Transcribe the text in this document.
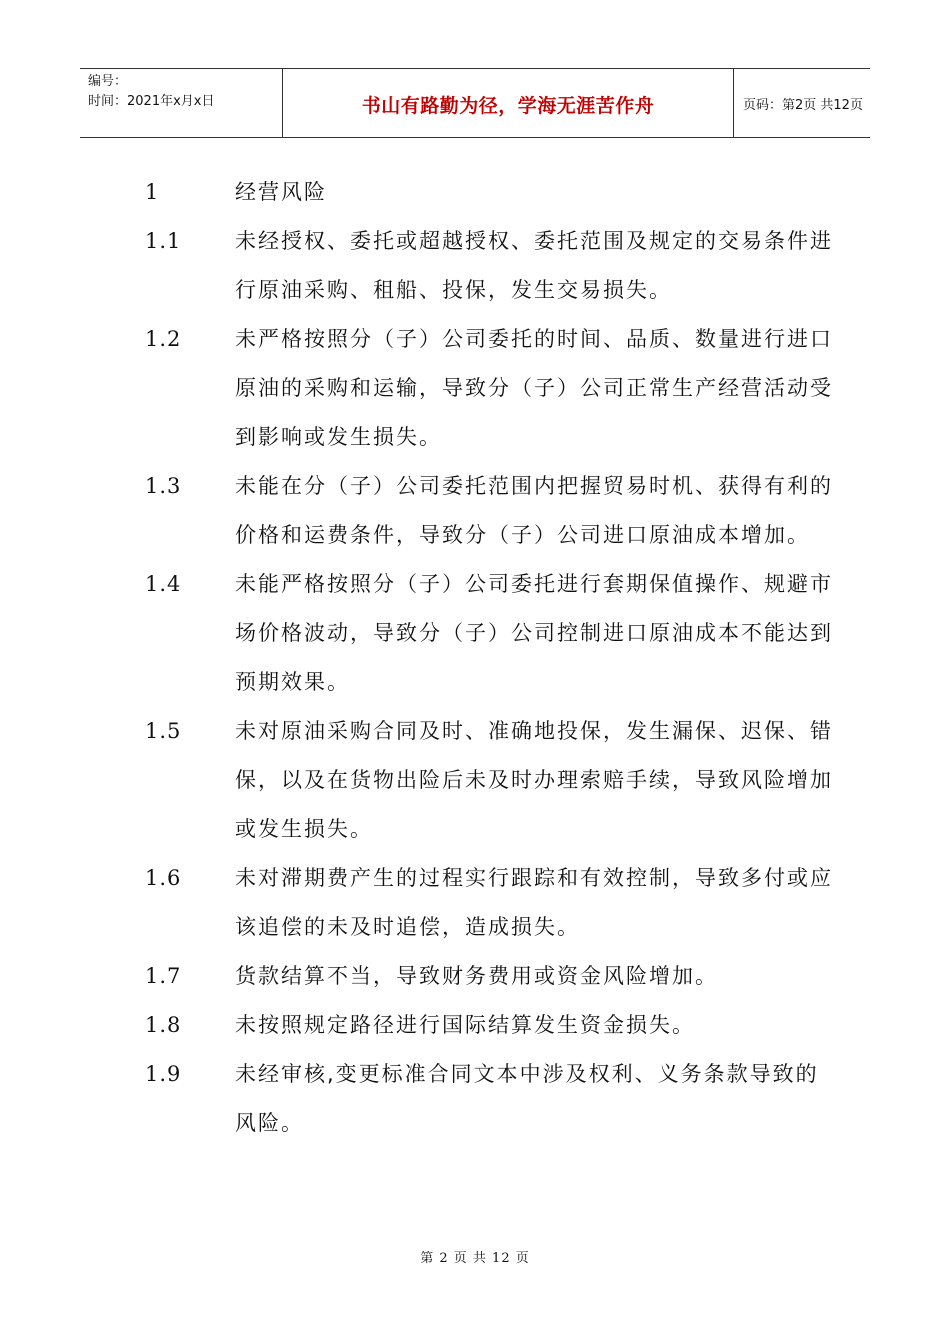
编号：
时间：2021年x月x日	书山有路勤为径，学海无涯苦作舟	页码：第2页 共12页
1	经营风险
1.1	未经授权、委托或超越授权、委托范围及规定的交易条件进行原油采购、租船、投保，发生交易损失。
1.2	未严格按照分（子）公司委托的时间、品质、数量进行进口原油的采购和运输，导致分（子）公司正常生产经营活动受到影响或发生损失。
1.3	未能在分（子）公司委托范围内把握贸易时机、获得有利的价格和运费条件，导致分（子）公司进口原油成本增加。
1.4	未能严格按照分（子）公司委托进行套期保值操作、规避市场价格波动，导致分（子）公司控制进口原油成本不能达到预期效果。
1.5	未对原油采购合同及时、准确地投保，发生漏保、迟保、错保，以及在货物出险后未及时办理索赔手续，导致风险增加或发生损失。
1.6	未对滞期费产生的过程实行跟踪和有效控制，导致多付或应该追偿的未及时追偿，造成损失。
1.7	货款结算不当，导致财务费用或资金风险增加。
1.8	未按照规定路径进行国际结算发生资金损失。
1.9	未经审核,变更标准合同文本中涉及权利、义务条款导致的风险。
第 2 页 共 12 页
